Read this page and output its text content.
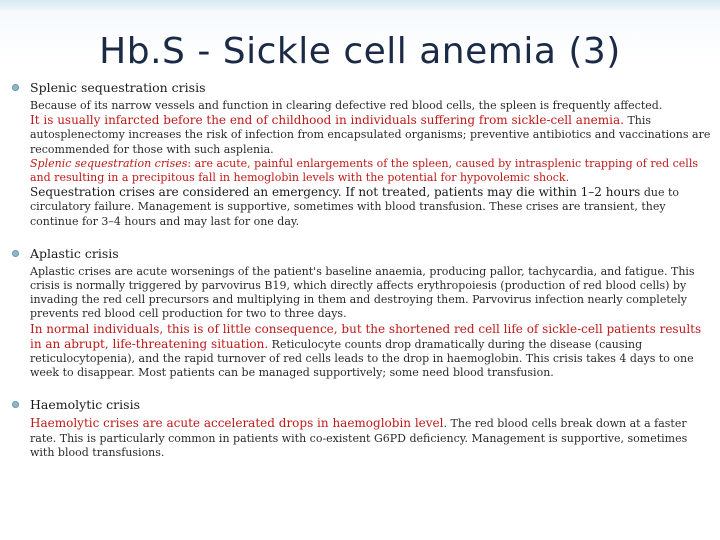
Hb.S - Sickle cell anemia (3)
Splenic sequestration crisis

Because of its narrow vessels and function in clearing defective red blood cells, the spleen is frequently affected.

It is usually infarcted before the end of childhood in individuals suffering from sickle-cell anemia. This autosplenectomy increases the risk of infection from encapsulated organisms; preventive antibiotics and vaccinations are recommended for those with such asplenia.

Splenic sequestration crises: are acute, painful enlargements of the spleen, caused by intrasplenic trapping of red cells and resulting in a precipitous fall in hemoglobin levels with the potential for hypovolemic shock.

Sequestration crises are considered an emergency. If not treated, patients may die within 1–2 hours due to circulatory failure. Management is supportive, sometimes with blood transfusion. These crises are transient, they continue for 3–4 hours and may last for one day.

Aplastic crisis

Aplastic crises are acute worsenings of the patient's baseline anaemia, producing pallor, tachycardia, and fatigue. This crisis is normally triggered by parvovirus B19, which directly affects erythropoiesis (production of red blood cells) by invading the red cell precursors and multiplying in them and destroying them. Parvovirus infection nearly completely prevents red blood cell production for two to three days.

In normal individuals, this is of little consequence, but the shortened red cell life of sickle-cell patients results in an abrupt, life-threatening situation. Reticulocyte counts drop dramatically during the disease (causing reticulocytopenia), and the rapid turnover of red cells leads to the drop in haemoglobin. This crisis takes 4 days to one week to disappear. Most patients can be managed supportively; some need blood transfusion.

Haemolytic crisis

Haemolytic crises are acute accelerated drops in haemoglobin level. The red blood cells break down at a faster rate. This is particularly common in patients with co-existent G6PD deficiency. Management is supportive, sometimes with blood transfusions.
